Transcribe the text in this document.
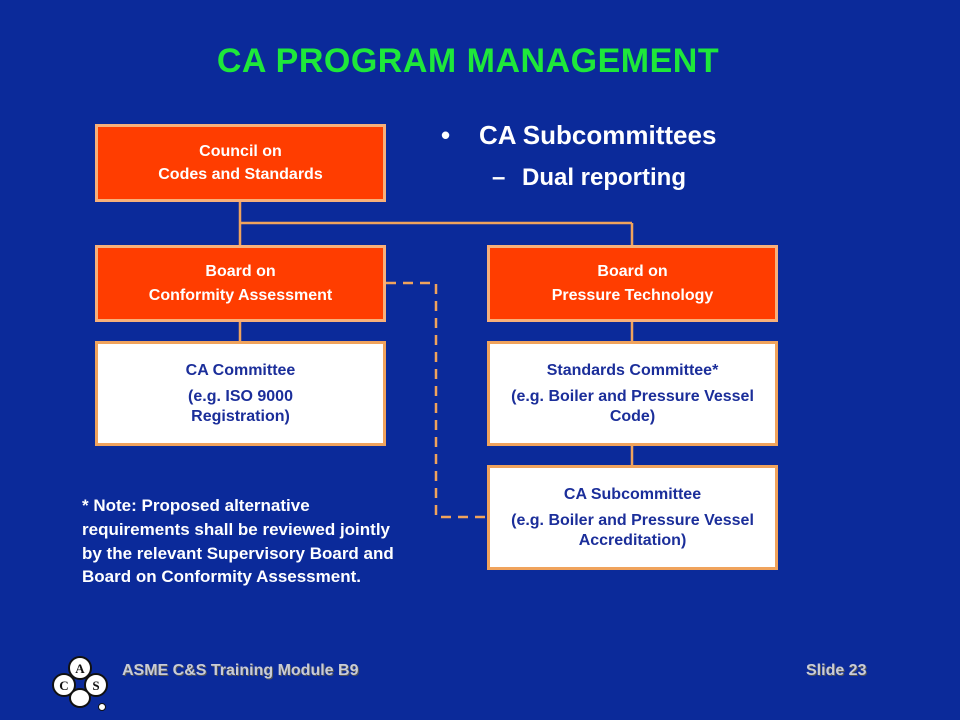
CA PROGRAM MANAGEMENT
• CA Subcommittees
– Dual reporting
Council on
Codes and Standards
Board on
Conformity Assessment
Board on
Pressure Technology
CA Committee
(e.g. ISO 9000 Registration)
Standards Committee*
(e.g. Boiler and Pressure Vessel Code)
CA Subcommittee
(e.g. Boiler and Pressure Vessel Accreditation)
* Note: Proposed alternative requirements shall be reviewed jointly by the relevant Supervisory Board and Board on Conformity Assessment.
A
C S
ASME C&S Training Module B9	Slide 23
